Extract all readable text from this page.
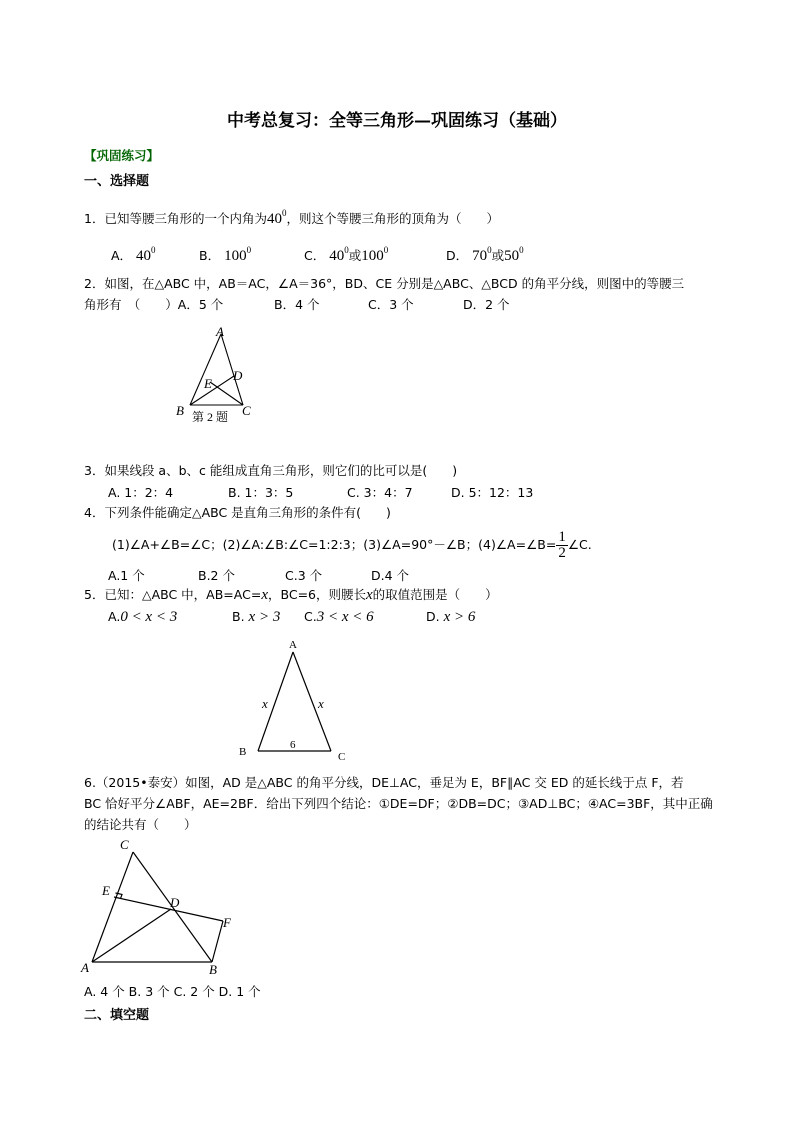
中考总复习：全等三角形—巩固练习（基础）
【巩固练习】
一、选择题
1．已知等腰三角形的一个内角为$40^0$，则这个等腰三角形的顶角为（　　）
A． $40^0$	B． $100^0$	C． $40^0$或$100^0$	D． $70^0$或$50^0$
2．如图，在△ABC 中，AB＝AC，∠A＝36°，BD、CE 分别是△ABC、△BCD 的角平分线，则图中的等腰三
角形有　（　　）A．5 个	B．4 个	C．3 个	D．2 个
A
B	C
D
E
第 2 题
3．如果线段 a、b、c 能组成直角三角形，则它们的比可以是(　　)
A. 1：2：4	B. 1：3：5	C. 3：4：7	D. 5：12：13
4．下列条件能确定△ABC 是直角三角形的条件有(　　)
(1)∠A+∠B=∠C；(2)∠A:∠B:∠C=1:2:3；(3)∠A=90°－∠B；(4)∠A=∠B= $\frac{1}{2}$ ∠C.
A.1 个	B.2 个	C.3 个	D.4 个
5．已知：△ABC 中，AB=AC=x，BC=6，则腰长x的取值范围是（　　）
A.0 < x < 3	B. x > 3 C.3 < x < 6	D. x > 6
A
B	C
x	x
6
6.（2015•泰安）如图，AD 是△ABC 的角平分线，DE⊥AC，垂足为 E，BF∥AC 交 ED 的延长线于点 F，若
BC 恰好平分∠ABF，AE=2BF．给出下列四个结论：①DE=DF；②DB=DC；③AD⊥BC；④AC=3BF，其中正确
的结论共有（　　）
C
E
D
F
A	B
A. 4 个 B. 3 个 C. 2 个 D. 1 个
二、填空题
